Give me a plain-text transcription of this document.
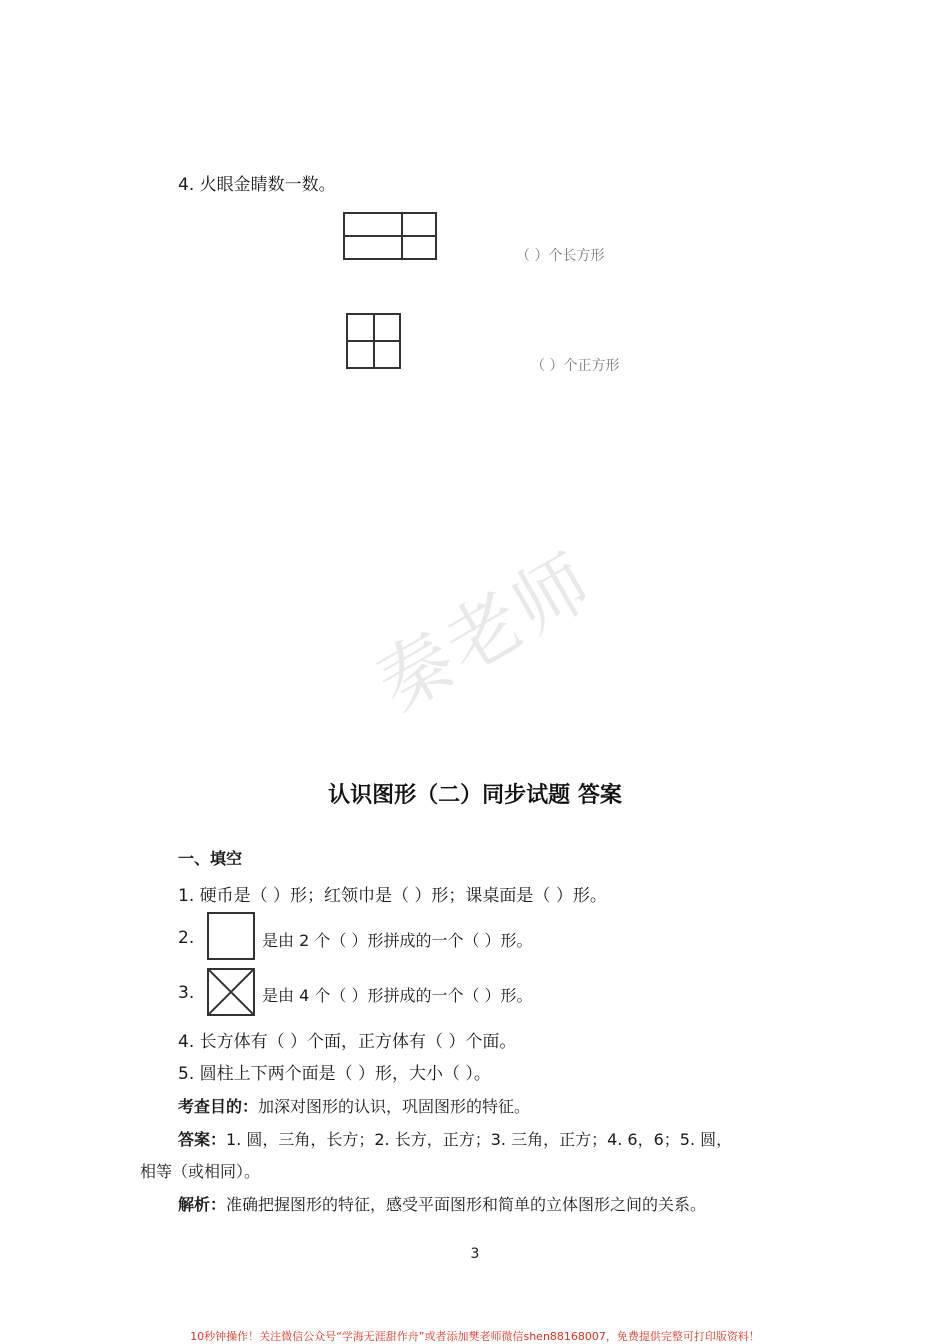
4. 火眼金睛数一数。
（ ）个长方形
（ ）个正方形
秦老师
认识图形（二）同步试题 答案
一、填空
1. 硬币是（ ）形；红领巾是（ ）形；课桌面是（ ）形。
2.	是由 2 个（ ）形拼成的一个（ ）形。
3.	是由 4 个（ ）形拼成的一个（ ）形。
4. 长方体有（ ）个面，正方体有（ ）个面。
5. 圆柱上下两个面是（ ）形，大小（ ）。
考查目的：加深对图形的认识，巩固图形的特征。
答案：1. 圆，三角，长方；2. 长方，正方；3. 三角，正方；4. 6，6；5. 圆，相等（或相同）。
解析：准确把握图形的特征，感受平面图形和简单的立体图形之间的关系。
3
10秒钟操作！关注微信公众号“学海无涯甜作舟”或者添加樊老师微信shen88168007，免费提供完整可打印版资料！
